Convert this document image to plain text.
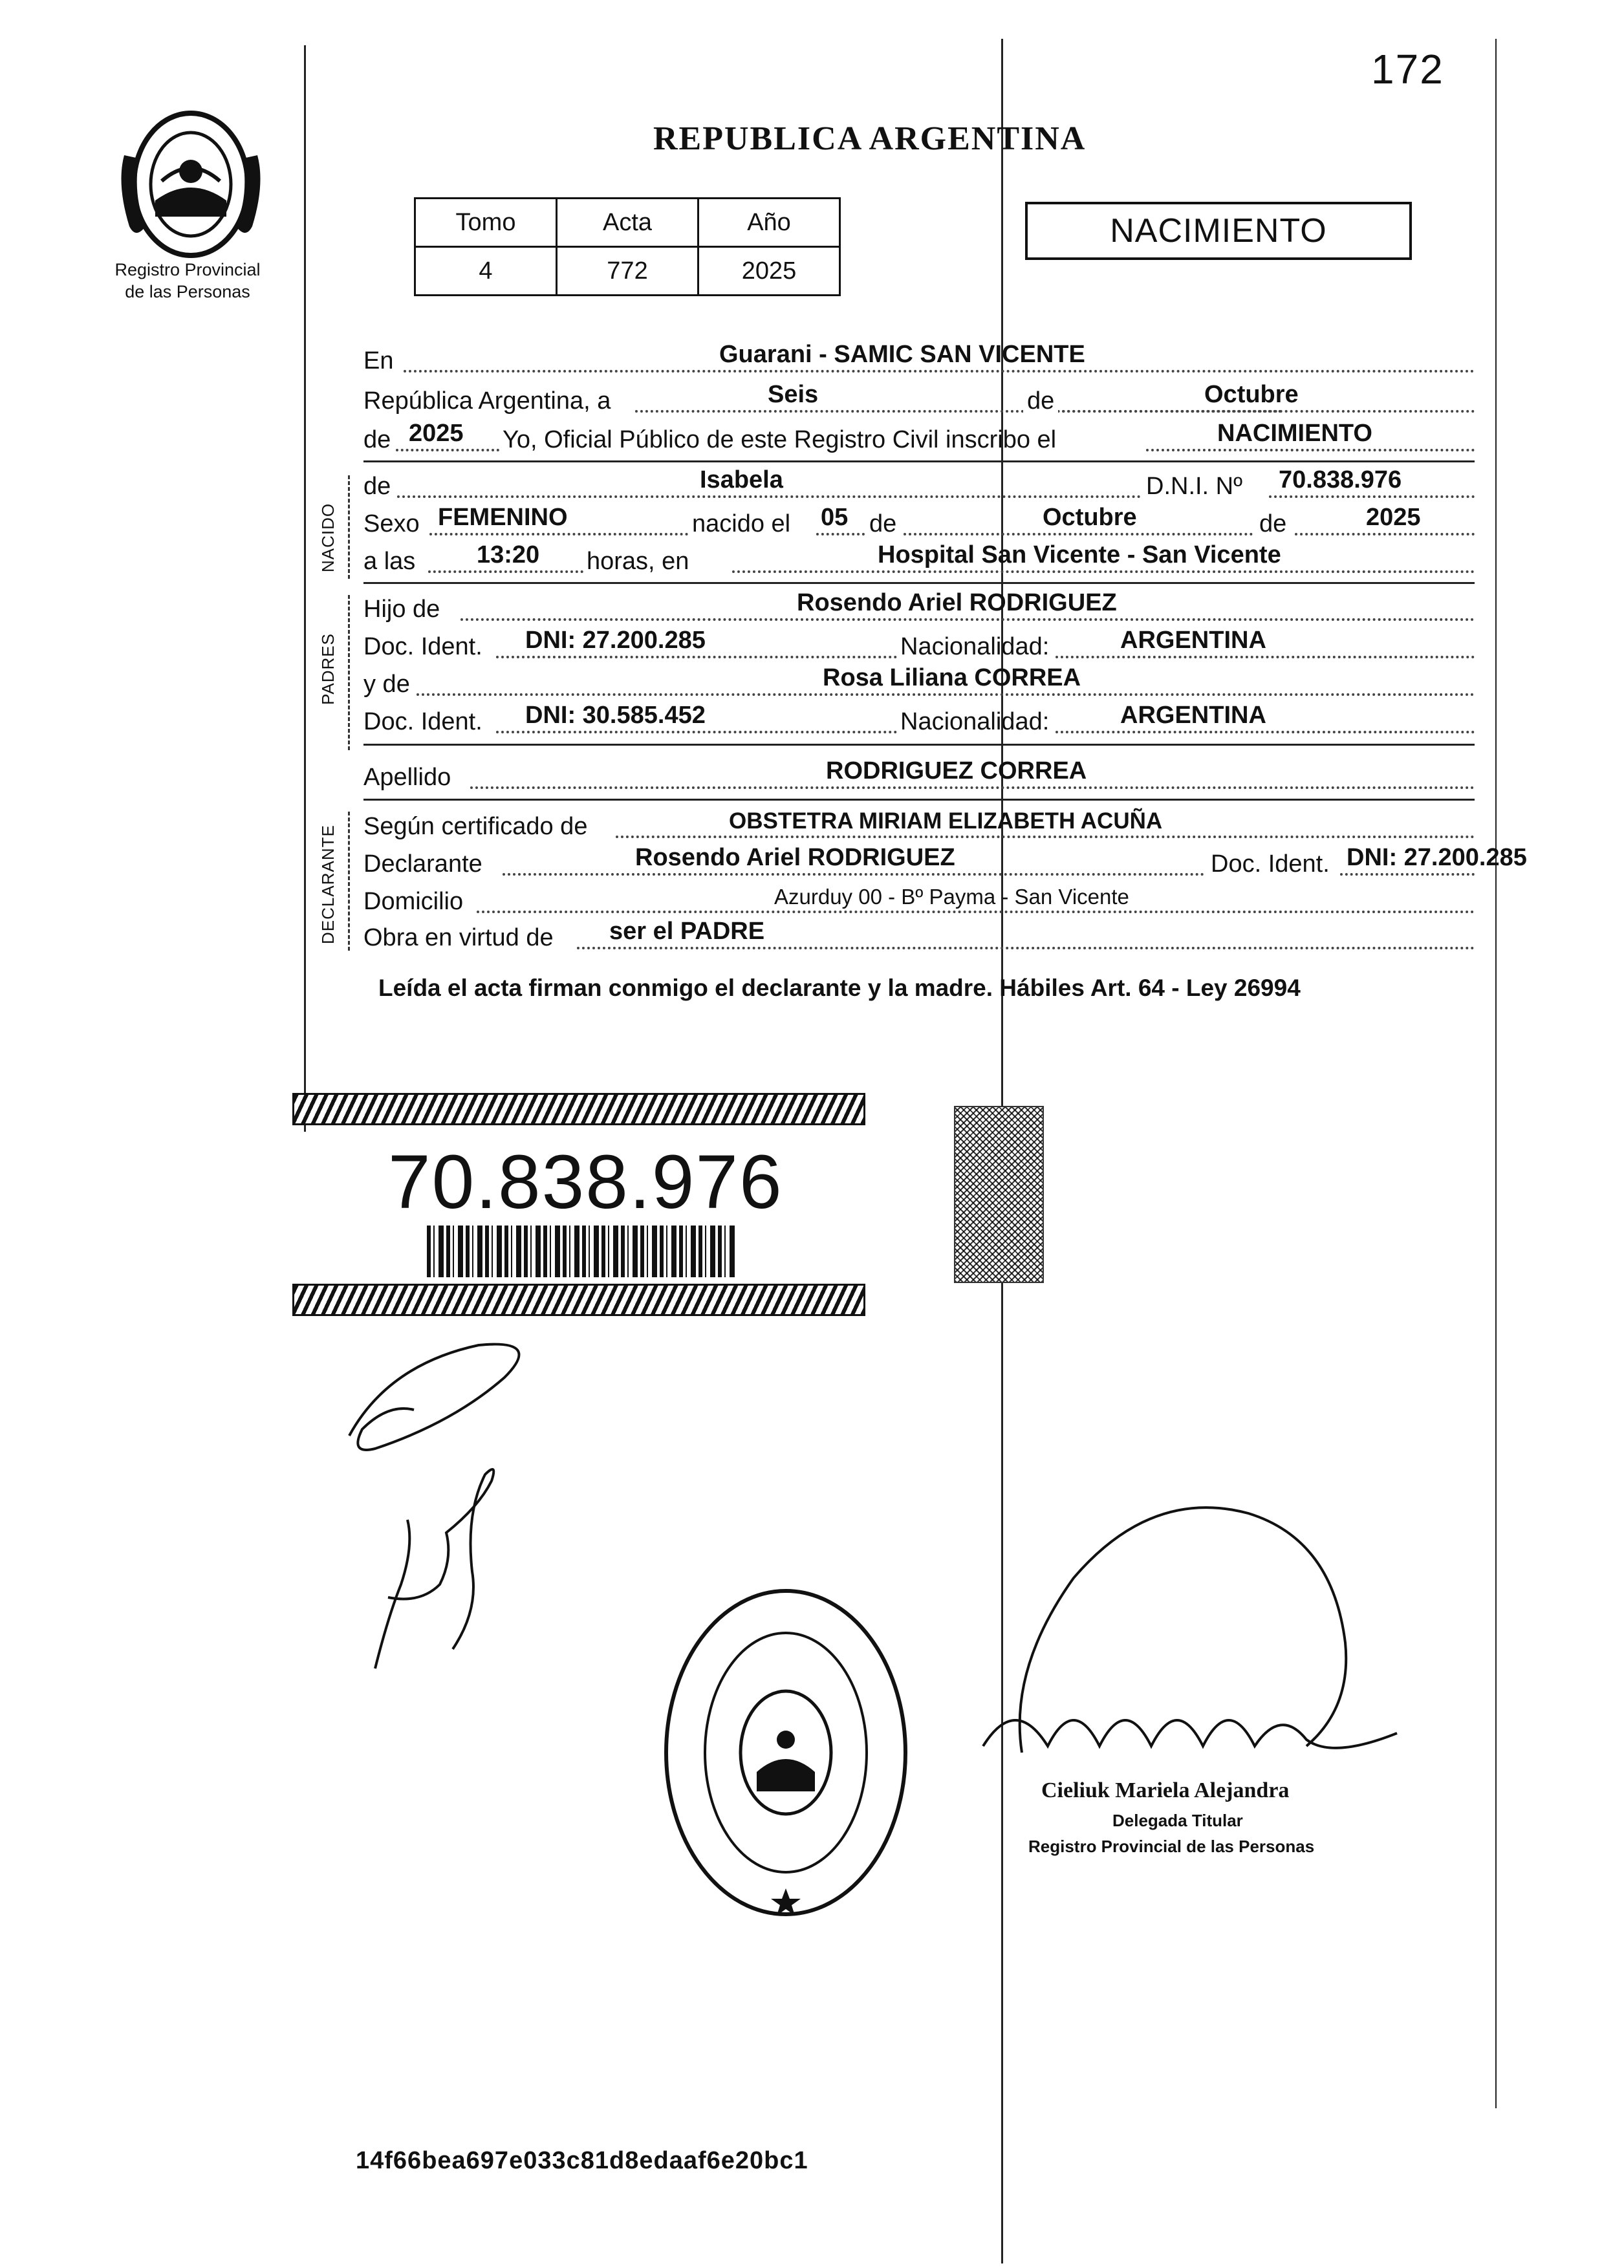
172
REPUBLICA ARGENTINA
Registro Provincial
de las Personas
Tomo	Acta	Año
4	772	2025
NACIMIENTO
En	Guarani - SAMIC SAN VICENTE
República Argentina, a	Seis	de	Octubre
de 2025 Yo, Oficial Público de este Registro Civil inscribo el	NACIMIENTO
NACIDO
de	Isabela	D.N.I. Nº 70.838.976
Sexo FEMENINO	nacido el 05 de	Octubre	de	2025
a las 13:20 horas, en	Hospital San Vicente - San Vicente
PADRES
Hijo de	Rosendo Ariel RODRIGUEZ
Doc. Ident. DNI: 27.200.285	Nacionalidad:	ARGENTINA
y de	Rosa Liliana CORREA
Doc. Ident. DNI: 30.585.452	Nacionalidad:	ARGENTINA
Apellido	RODRIGUEZ CORREA
DECLARANTE Según certificado de	OBSTETRA MIRIAM ELIZABETH ACUÑA
Declarante	Rosendo Ariel RODRIGUEZ	Doc. Ident. DNI: 27.200.285
Domicilio	Azurduy 00 - Bº Payma - San Vicente
Obra en virtud de ser el PADRE
Leída el acta firman conmigo el declarante y la madre. Hábiles Art. 64 - Ley 26994
70.838.976
Cieliuk Mariela Alejandra
Delegada Titular
Registro Provincial de las Personas
14f66bea697e033c81d8edaaf6e20bc1
